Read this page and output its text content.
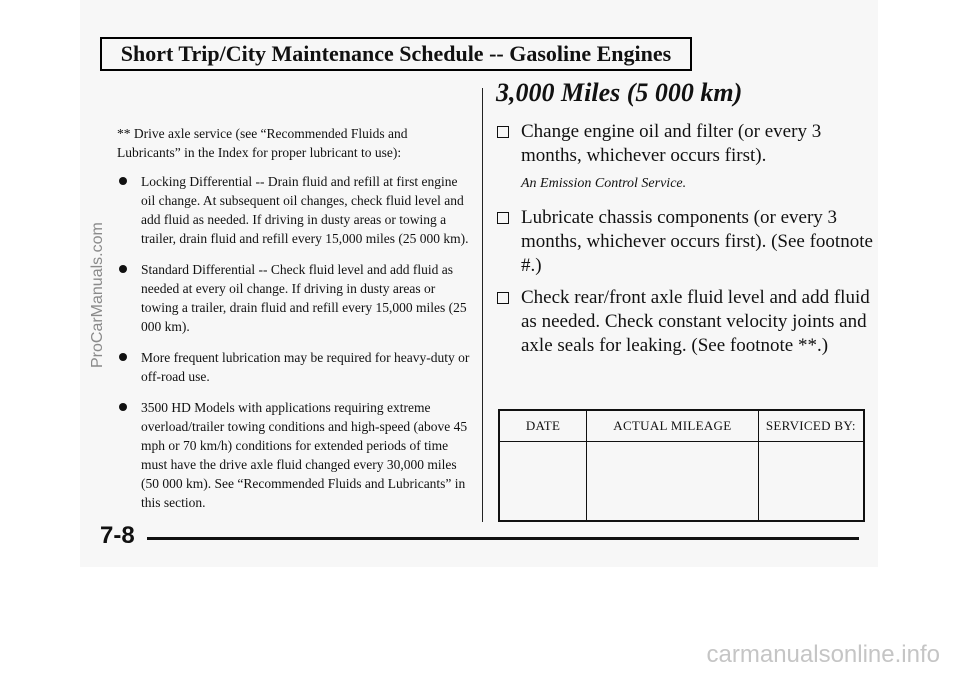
Short Trip/City Maintenance Schedule -- Gasoline Engines

** Drive axle service (see “Recommended Fluids and Lubricants” in the Index for proper lubricant to use):

Locking Differential -- Drain fluid and refill at first engine oil change. At subsequent oil changes, check fluid level and add fluid as needed. If driving in dusty areas or towing a trailer, drain fluid and refill every 15,000 miles (25 000 km).
Standard Differential -- Check fluid level and add fluid as needed at every oil change. If driving in dusty areas or towing a trailer, drain fluid and refill every 15,000 miles (25 000 km).
More frequent lubrication may be required for heavy-duty or off-road use.
3500 HD Models with applications requiring extreme overload/trailer towing conditions and high-speed (above 45 mph or 70 km/h) conditions for extended periods of time must have the drive axle fluid changed every 30,000 miles (50 000 km). See “Recommended Fluids and Lubricants” in this section.
3,000 Miles (5 000 km)
Change engine oil and filter (or every 3 months, whichever occurs first).
An Emission Control Service.
Lubricate chassis components (or every 3 months, whichever occurs first). (See footnote #.)
Check rear/front axle fluid level and add fluid as needed. Check constant velocity joints and axle seals for leaking. (See footnote **.)
DATE	ACTUAL MILEAGE	SERVICED BY:

7-8
ProCarManuals.com
carmanualsonline.info
